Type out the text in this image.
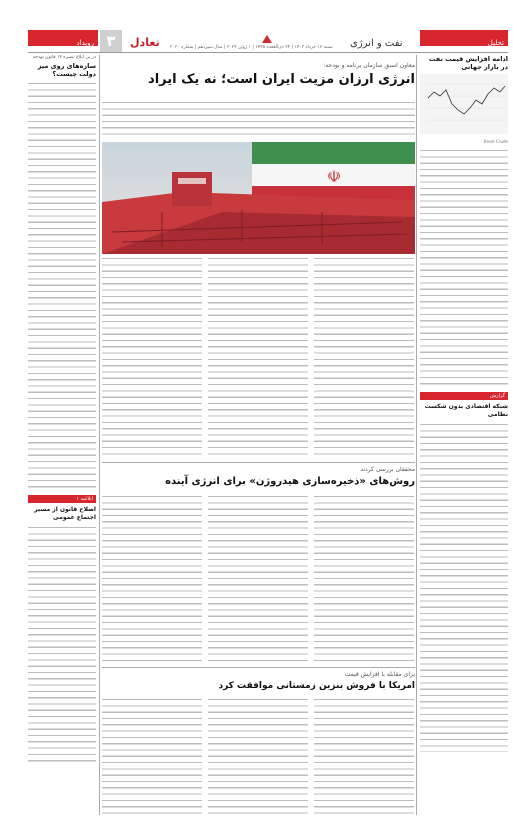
رویداد ۳	تعادل شنبه ۱۲ خرداد ۱۴۰۳ | ۲۴ ذی‌القعده ۱۴۴۵ | ۱ ژوئن ۲۰۲۴ | سال سیزدهم | شماره ۳۰۲۰ نفت و انرژی	تحلیل
ادامه افزایش قیمت نفت در بازار جهانی
Brent Crude
گزارش
شبکه اقتصادی بدون شکست نظامی
معاون اسبق سازمان برنامه و بودجه:
انرژی ارزان مزیت ایران است؛ نه یک ایراد
☫
محققان بررسی کردند
روش‌های «ذخیره‌سازی هیدروژن» برای انرژی آینده
برای مقابله با افزایش قیمت
امریکا با فروش بنزین زمستانی موافقت کرد
در پی ابلاغ تبصره ۱۴ قانون بودجه
سازه‌های روی میز دولت چیست؟
ابلاغیه ۱
اصلاح قانون از مسیر اجتماع عمومی
